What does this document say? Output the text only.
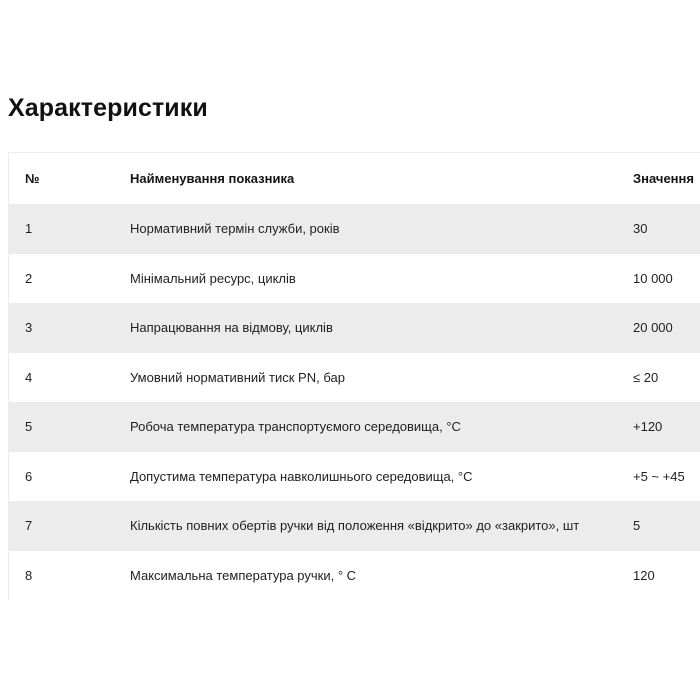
Характеристики
№	Найменування показника	Значення
1	Нормативний термін служби, років	30
2	Мінімальний ресурс, циклів	10 000
3	Напрацювання на відмову, циклів	20 000
4	Умовний нормативний тиск PN, бар	≤ 20
5	Робоча температура транспортуємого середовища, °C	+120
6	Допустима температура навколишнього середовища, °C	+5 ~ +45
7	Кількість повних обертів ручки від положення «відкрито» до «закрито», шт	5
8	Максимальна температура ручки, ° C	120
